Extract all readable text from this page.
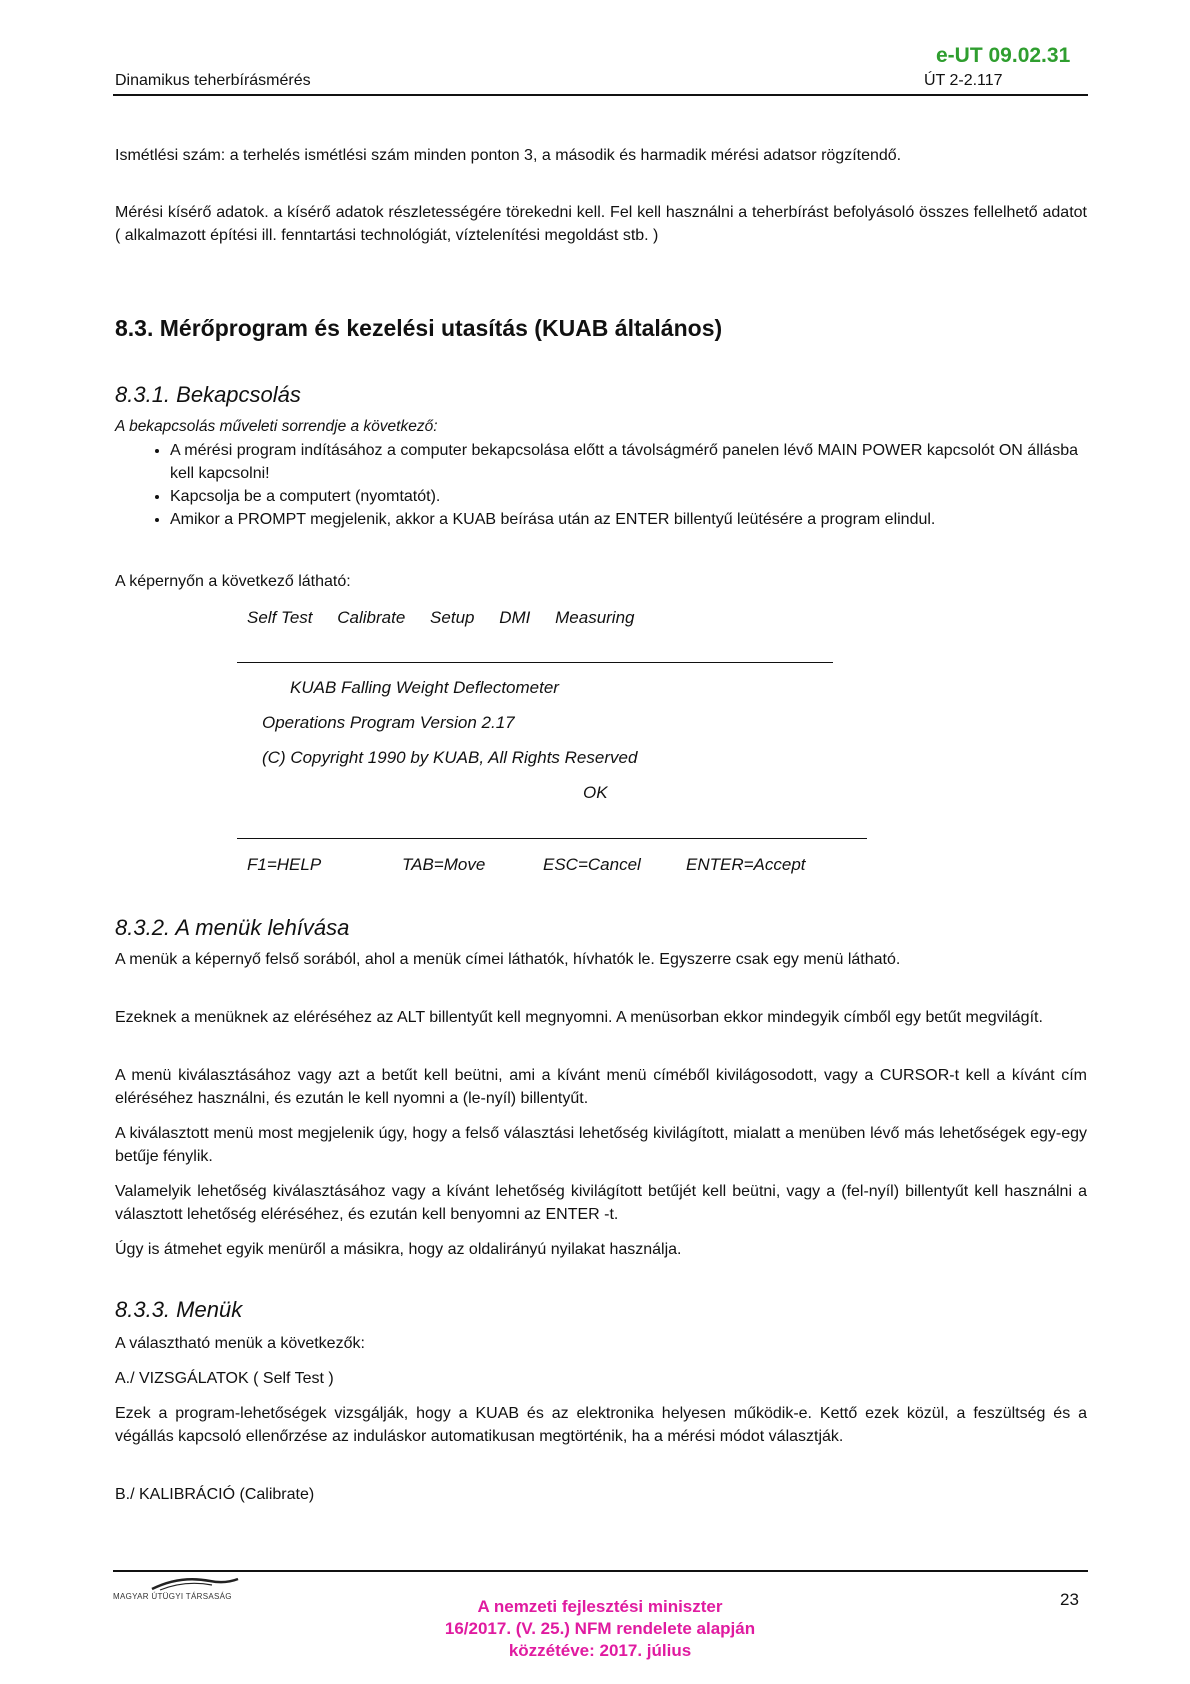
e-UT 09.02.31
Dinamikus teherbírásmérés	ÚT 2-2.117
Ismétlési szám: a terhelés ismétlési szám minden ponton 3, a második és harmadik mérési adatsor rögzítendő.
Mérési kísérő adatok. a kísérő adatok részletességére törekedni kell. Fel kell használni a teherbírást befolyásoló összes fellelhető adatot ( alkalmazott építési ill. fenntartási technológiát, víztelenítési megoldást stb. )
8.3. Mérőprogram és kezelési utasítás (KUAB általános)
8.3.1. Bekapcsolás
A bekapcsolás műveleti sorrendje a következő:
• A mérési program indításához a computer bekapcsolása előtt a távolságmérő panelen lévő MAIN POWER kapcsolót ON állásba kell kapcsolni!
• Kapcsolja be a computert (nyomtatót).
• Amikor a PROMPT megjelenik, akkor a KUAB beírása után az ENTER billentyű leütésére a program elindul.
A képernyőn a következő látható:
Self Test Calibrate Setup DMI Measuring
KUAB Falling Weight Deflectometer
Operations Program Version 2.17
(C) Copyright 1990 by KUAB, All Rights Reserved
OK
F1=HELP	TAB=Move	ESC=Cancel	ENTER=Accept
8.3.2. A menük lehívása
A menük a képernyő felső sorából, ahol a menük címei láthatók, hívhatók le. Egyszerre csak egy menü látható.
Ezeknek a menüknek az eléréséhez az ALT billentyűt kell megnyomni. A menüsorban ekkor mindegyik címből egy betűt megvilágít.
A menü kiválasztásához vagy azt a betűt kell beütni, ami a kívánt menü címéből kivilágosodott, vagy a CURSOR-t kell a kívánt cím eléréséhez használni, és ezután le kell nyomni a (le-nyíl) billentyűt.
A kiválasztott menü most megjelenik úgy, hogy a felső választási lehetőség kivilágított, mialatt a menüben lévő más lehetőségek egy-egy betűje fénylik.
Valamelyik lehetőség kiválasztásához vagy a kívánt lehetőség kivilágított betűjét kell beütni, vagy a (fel-nyíl) billentyűt kell használni a választott lehetőség eléréséhez, és ezután kell benyomni az ENTER -t.
Úgy is átmehet egyik menüről a másikra, hogy az oldalirányú nyilakat használja.
8.3.3. Menük
A választható menük a következők:
A./ VIZSGÁLATOK ( Self Test )
Ezek a program-lehetőségek vizsgálják, hogy a KUAB és az elektronika helyesen működik-e. Kettő ezek közül, a feszültség és a végállás kapcsoló ellenőrzése az induláskor automatikusan megtörténik, ha a mérési módot választják.
B./ KALIBRÁCIÓ (Calibrate)
MAGYAR ÚTÜGYI TÁRSASÁG	23
A nemzeti fejlesztési miniszter
16/2017. (V. 25.) NFM rendelete alapján
közzétéve: 2017. július
